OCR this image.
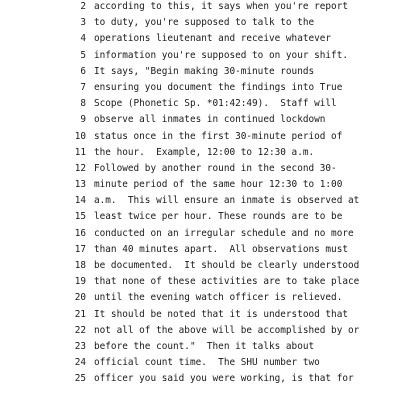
2 according to this, it says when you're report
3 to duty, you're supposed to talk to the
4 operations lieutenant and receive whatever
5 information you're supposed to on your shift.
6 It says, "Begin making 30-minute rounds
7 ensuring you document the findings into True
8 Scope (Phonetic Sp. *01:42:49).  Staff will
9 observe all inmates in continued lockdown
10 status once in the first 30-minute period of
11 the hour.  Example, 12:00 to 12:30 a.m.
12 Followed by another round in the second 30-
13 minute period of the same hour 12:30 to 1:00
14 a.m.  This will ensure an inmate is observed at
15 least twice per hour. These rounds are to be
16 conducted on an irregular schedule and no more
17 than 40 minutes apart.  All observations must
18 be documented.  It should be clearly understood
19 that none of these activities are to take place
20 until the evening watch officer is relieved.
21 It should be noted that it is understood that
22 not all of the above will be accomplished by or
23 before the count."  Then it talks about
24 official count time.  The SHU number two
25 officer you said you were working, is that for
